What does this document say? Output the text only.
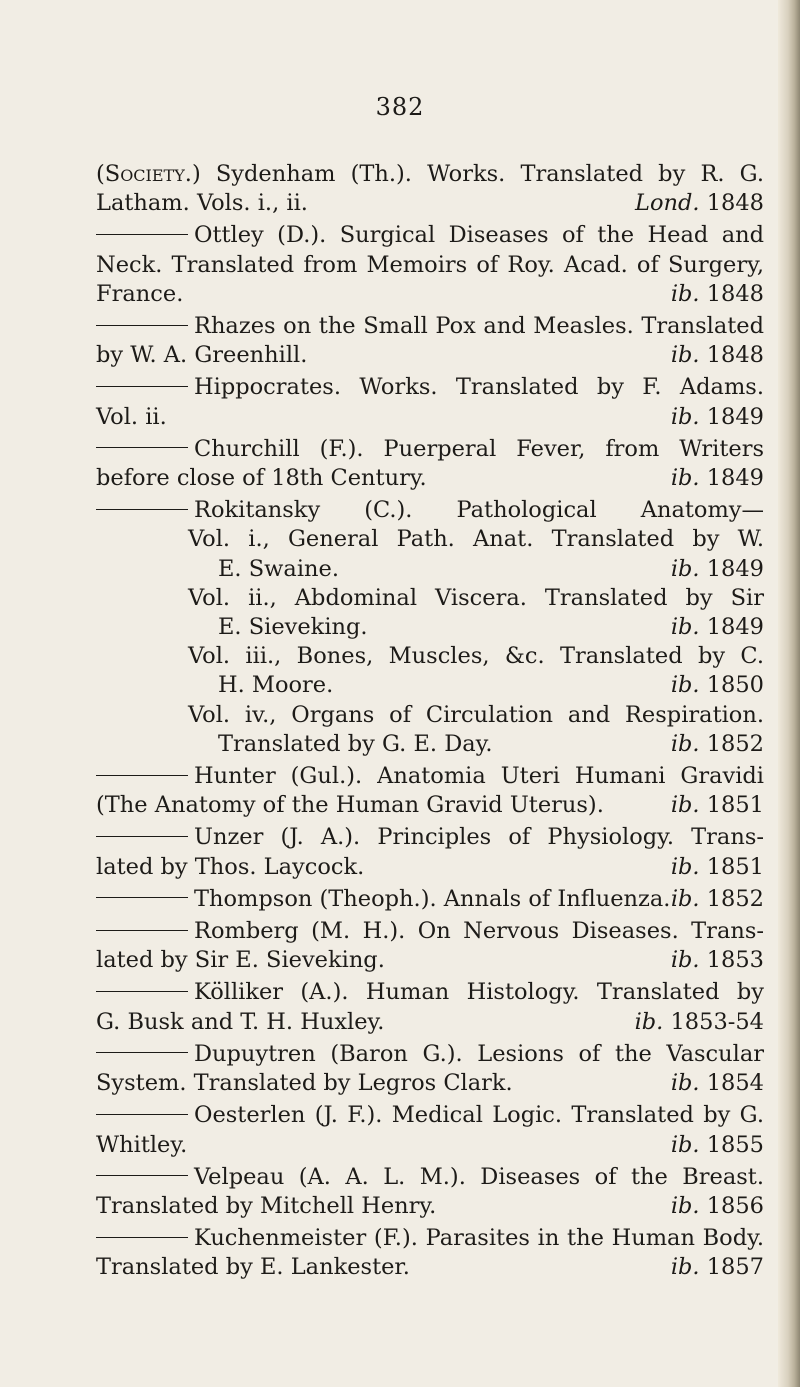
382
(Society.) Sydenham (Th.). Works. Translated by R. G.
Latham. Vols. i., ii.	Lond. 1848
Ottley (D.). Surgical Diseases of the Head and
Neck. Translated from Memoirs of Roy. Acad. of Surgery,
France.	ib. 1848
Rhazes on the Small Pox and Measles. Translated
by W. A. Greenhill.	ib. 1848
Hippocrates. Works. Translated by F. Adams.
Vol. ii.	ib. 1849
Churchill (F.). Puerperal Fever, from Writers
before close of 18th Century.	ib. 1849
Rokitansky (C.). Pathological Anatomy—
Vol. i., General Path. Anat. Translated by W.
E. Swaine.	ib. 1849
Vol. ii., Abdominal Viscera. Translated by Sir
E. Sieveking.	ib. 1849
Vol. iii., Bones, Muscles, &c. Translated by C.
H. Moore.	ib. 1850
Vol. iv., Organs of Circulation and Respiration.
Translated by G. E. Day.	ib. 1852
Hunter (Gul.). Anatomia Uteri Humani Gravidi
(The Anatomy of the Human Gravid Uterus).	ib. 1851
Unzer (J. A.). Principles of Physiology. Trans-
lated by Thos. Laycock.	ib. 1851
Thompson (Theoph.). Annals of Influenza. ib. 1852
Romberg (M. H.). On Nervous Diseases. Trans-
lated by Sir E. Sieveking.	ib. 1853
Kölliker (A.). Human Histology. Translated by
G. Busk and T. H. Huxley.	ib. 1853-54
Dupuytren (Baron G.). Lesions of the Vascular
System. Translated by Legros Clark.	ib. 1854
Oesterlen (J. F.). Medical Logic. Translated by G.
Whitley.	ib. 1855
Velpeau (A. A. L. M.). Diseases of the Breast.
Translated by Mitchell Henry.	ib. 1856
Kuchenmeister (F.). Parasites in the Human Body.
Translated by E. Lankester.	ib. 1857
